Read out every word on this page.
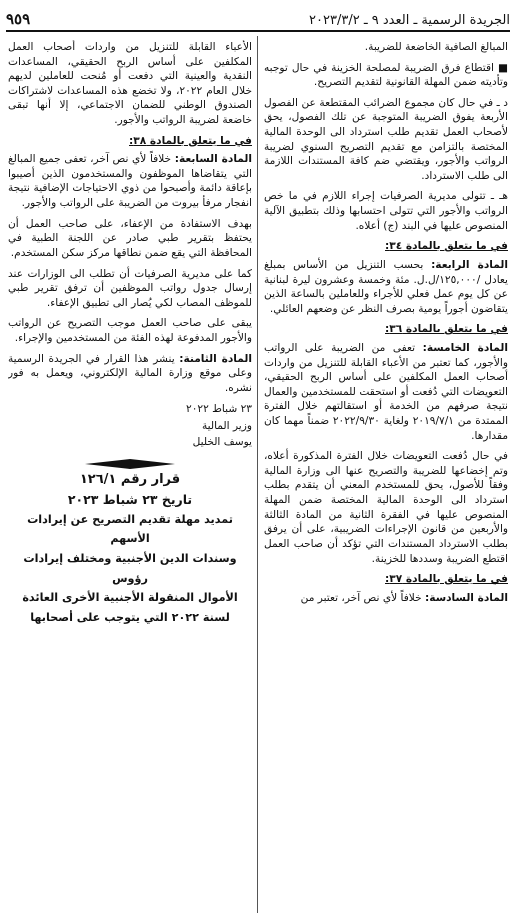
الجريدة الرسمية ـ العدد ٩ ـ ٢٠٢٣/٣/٢
٩٥٩

المبالغ الصافية الخاضعة للضريبة.

■ اقتطاع فرق الضريبة لمصلحة الخزينة في حال توجبه وتأديته ضمن المهلة القانونية لتقديم التصريح.

د ـ في حال كان مجموع الضرائب المقتطعة عن الفصول الأربعة يفوق الضريبة المتوجبة عن تلك الفصول، يحق لأصحاب العمل تقديم طلب استرداد الى الوحدة المالية المختصة بالتزامن مع تقديم التصريح السنوي لضريبة الرواتب والأجور، ويقتضي ضم كافة المستندات اللازمة الى طلب الاسترداد.

هـ ـ تتولى مديرية الصرفيات إجراء اللازم في ما خص الرواتب والأجور التي تتولى احتسابها وذلك بتطبيق الآلية المنصوص عليها في البند (ج) أعلاه.

في ما يتعلق بالمادة ٣٤:

المادة الرابعة: بحسب التنزيل من الأساس بمبلغ يعادل /١٢٥,٠٠٠/ل.ل. مئة وخمسة وعشرون ليرة لبنانية عن كل يوم عمل فعلي للأجراء وللعاملين بالساعة الذين يتقاضون أجوراً يومية بصرف النظر عن وضعهم العائلي.

في ما يتعلق بالمادة ٣٦:

المادة الخامسة: تعفى من الضريبة على الرواتب والأجور، كما تعتبر من الأعباء القابلة للتنزيل من واردات أصحاب العمل المكلفين على أساس الربح الحقيقي، التعويضات التي دُفعت أو استحقت للمستخدمين والعمال نتيجة صرفهم من الخدمة أو استقالتهم خلال الفترة الممتدة من ٢٠١٩/٧/١ ولغاية ٢٠٢٢/٩/٣٠ ضمناً مهما كان مقدارها.

في حال دُفعت التعويضات خلال الفترة المذكورة أعلاه، وتم إخضاعها للضريبة والتصريح عنها الى وزارة المالية وفقاً للأصول، يحق للمستخدم المعني أن يتقدم بطلب استرداد الى الوحدة المالية المختصة ضمن المهلة المنصوص عليها في الفقرة الثانية من المادة الثالثة والأربعين من قانون الإجراءات الضريبية، على أن يرفق بطلب الاسترداد المستندات التي تؤكد أن صاحب العمل اقتطع الضريبة وسددها للخزينة.

في ما يتعلق بالمادة ٣٧:

المادة السادسة: خلافاً لأي نص آخر، تعتبر من

الأعباء القابلة للتنزيل من واردات أصحاب العمل المكلفين على أساس الربح الحقيقي، المساعدات النقدية والعينية التي دفعت أو مُنحت للعاملين لديهم خلال العام ٢٠٢٢، ولا تخضع هذه المساعدات لاشتراكات الصندوق الوطني للضمان الاجتماعي، إلا أنها تبقى خاضعة لضريبة الرواتب والأجور.

في ما يتعلق بالمادة ٣٨:

المادة السابعة: خلافاً لأي نص آخر، تعفى جميع المبالغ التي يتقاضاها الموظفون والمستخدمون الذين أصيبوا بإعاقة دائمة وأصبحوا من ذوي الاحتياجات الإضافية نتيجة انفجار مرفأ بيروت من الضريبة على الرواتب والأجور.

بهدف الاستفادة من الإعفاء، على صاحب العمل أن يحتفظ بتقرير طبي صادر عن اللجنة الطبية في المحافظة التي يقع ضمن نطاقها مركز سكن المستخدم.

كما على مديرية الصرفيات أن تطلب الى الوزارات عند إرسال جدول رواتب الموظفين أن ترفق تقرير طبي للموظف المصاب لكي يُصار الى تطبيق الإعفاء.

يبقى على صاحب العمل موجب التصريح عن الرواتب والأجور المدفوعة لهذه الفئة من المستخدمين والإجراء.

المادة الثامنة: ينشر هذا القرار في الجريدة الرسمية وعلى موقع وزارة المالية الإلكتروني، ويعمل به فور نشره.

٢٣ شباط ٢٠٢٢
وزير المالية
يوسف الخليل
قرار رقم ١٢٦/١
تاريخ ٢٣ شباط ٢٠٢٣
تمديد مهلة تقديم التصريح عن إيرادات الأسهم
وسندات الدين الأجنبية ومختلف إيرادات رؤوس
الأموال المنقولة الأجنبية الأخرى العائدة
لسنة ٢٠٢٢ التي يتوجب على أصحابها
